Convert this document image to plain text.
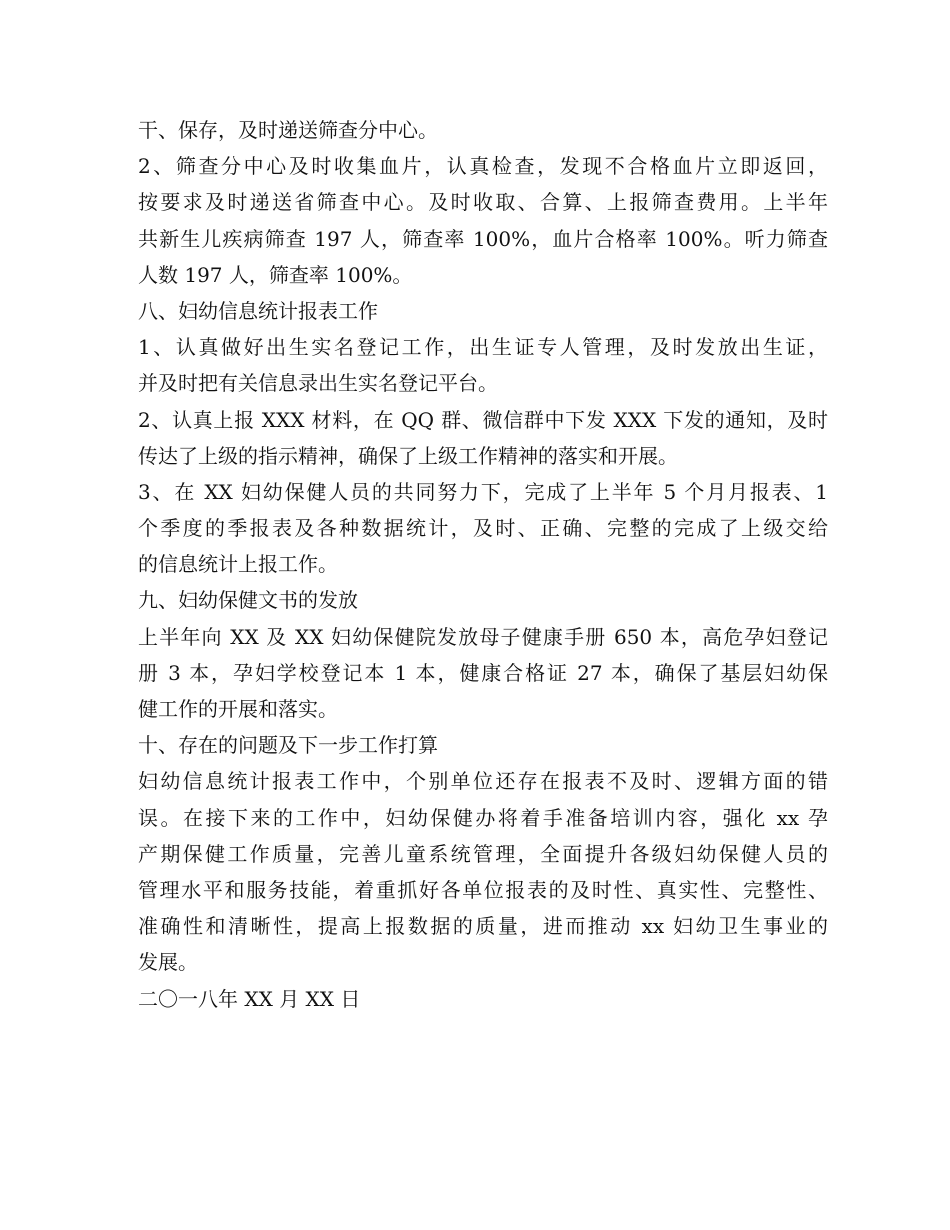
干、保存，及时递送筛查分中心。
2、筛查分中心及时收集血片，认真检查，发现不合格血片立即返回，
按要求及时递送省筛查中心。及时收取、合算、上报筛查费用。上半年
共新生儿疾病筛查 197 人，筛查率 100%，血片合格率 100%。听力筛查
人数 197 人，筛查率 100%。
八、妇幼信息统计报表工作
1、认真做好出生实名登记工作，出生证专人管理，及时发放出生证，
并及时把有关信息录出生实名登记平台。
2、认真上报 XXX 材料，在 QQ 群、微信群中下发 XXX 下发的通知，及时
传达了上级的指示精神，确保了上级工作精神的落实和开展。
3、在 XX 妇幼保健人员的共同努力下，完成了上半年 5 个月月报表、1
个季度的季报表及各种数据统计，及时、正确、完整的完成了上级交给
的信息统计上报工作。
九、妇幼保健文书的发放
上半年向 XX 及 XX 妇幼保健院发放母子健康手册 650 本，高危孕妇登记
册 3 本，孕妇学校登记本 1 本，健康合格证 27 本，确保了基层妇幼保
健工作的开展和落实。
十、存在的问题及下一步工作打算
妇幼信息统计报表工作中，个别单位还存在报表不及时、逻辑方面的错
误。在接下来的工作中，妇幼保健办将着手准备培训内容，强化 xx 孕
产期保健工作质量，完善儿童系统管理，全面提升各级妇幼保健人员的
管理水平和服务技能，着重抓好各单位报表的及时性、真实性、完整性、
准确性和清晰性，提高上报数据的质量，进而推动 xx 妇幼卫生事业的
发展。
二〇一八年 XX 月 XX 日
